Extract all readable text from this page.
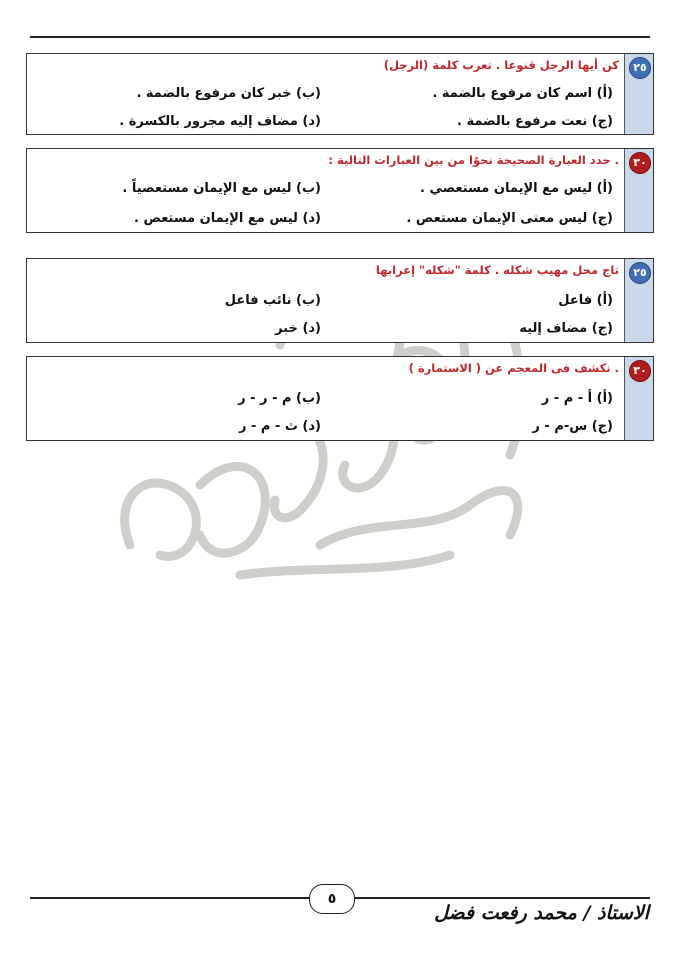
٢٥
كن أيها الرجل قنوعا . تعرب كلمة (الرجل)
(أ) اسم كان مرفوع بالضمة .
(ب) خبر كان مرفوع بالضمة .
(ج) نعت مرفوع بالضمة .
(د) مضاف إليه مجرور بالكسرة .
٣٠
. حدد العبارة الصحيحة نحوًا من بين العبارات التالية :
(أ) ليس مع الإيمان مستعصي .
(ب) ليس مع الإيمان مستعصياً .
(ج) ليس معنى الإيمان مستعص .
(د) ليس مع الإيمان مستعص .
٢٥
تاج محل مهيب شكله . كلمة "شكله" إعرابها
(أ) فاعل
(ب) نائب فاعل
(ج) مضاف إليه
(د) خبر
٣٠
. نكشف فى المعجم عن ( الاستمارة )
(أ) أ - م - ر
(ب) م - ر - ر
(ج) س-م - ر
(د) ث - م - ر
٥
الاستاذ / محمد رفعت فضل
